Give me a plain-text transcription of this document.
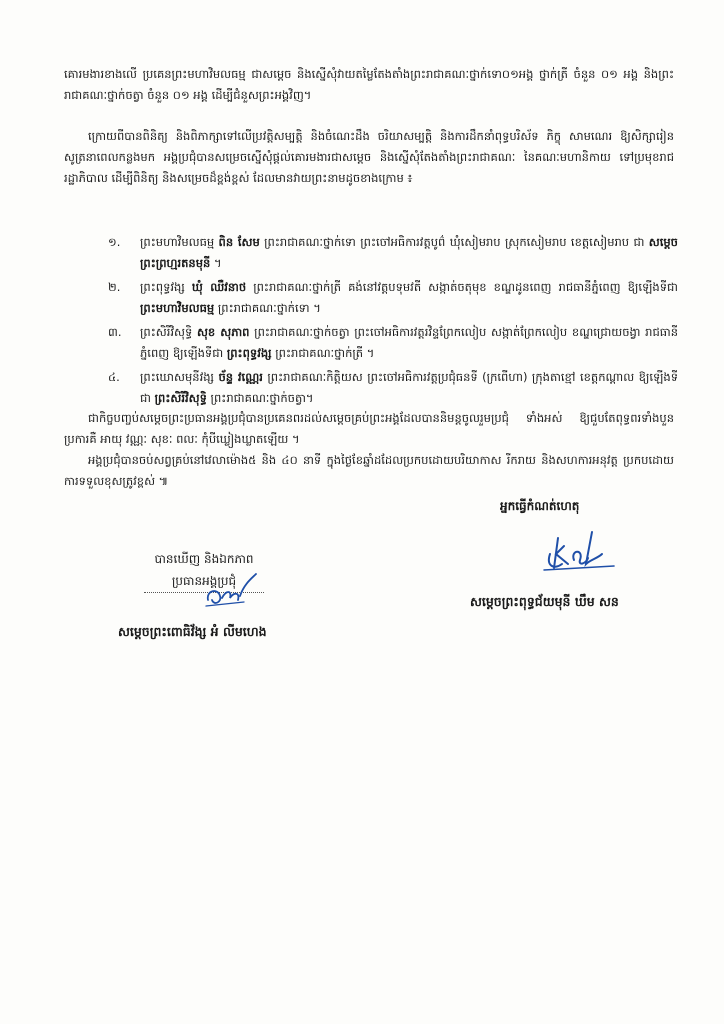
គោរមងារខាងលើ ប្រគេនព្រះមហាវិមលធម្ម ជាសម្តេច និងស្នើសុំវាយតម្លៃតែងតាំងព្រះរាជាគណៈថ្នាក់ទោ០១អង្គ ថ្នាក់ត្រី ចំនួន ០១ អង្គ និងព្រះរាជាគណៈថ្នាក់ចត្វា ចំនួន ០១ អង្គ ដើម្បីជំនួសព្រះអង្គវិញ។
ក្រោយពីបានពិនិត្យ និងពិភាក្សាទៅលើប្រវត្តិសម្បត្តិ និងចំណេះដឹង ចរិយាសម្បត្តិ និងការដឹកនាំពុទ្ធបរិស័ទ ភិក្ខុ សាមណេរ ឱ្យសិក្សារៀនសូត្រនាពេលកន្លងមក អង្គប្រជុំបានសម្រេចស្នើសុំផ្តល់គោរមងារជាសម្តេច និងស្នើសុំតែងតាំងព្រះរាជាគណៈ នៃគណៈមហានិកាយ ទៅប្រមុខរាជរដ្ឋាភិបាល ដើម្បីពិនិត្យ និងសម្រេចដ៏ខ្ពង់ខ្ពស់ ដែលមានវាយព្រះនាមដូចខាងក្រោម ៖
១.	ព្រះមហាវិមលធម្ម ពិន សែម ព្រះរាជាគណៈថ្នាក់ទោ ព្រះចៅអធិការវត្តបូព៌ ឃុំសៀមរាប ស្រុកសៀមរាប ខេត្តសៀមរាប ជា សម្តេចព្រះព្រហ្មរតនមុនី ។
២.	ព្រះពុទ្ធវង្ស ឃុំ ឈឺវនាថ ព្រះរាជាគណៈថ្នាក់ត្រី គង់នៅវត្តបទុមវតី សង្កាត់ចតុមុខ ខណ្ឌដូនពេញ រាជធានីភ្នំពេញ ឱ្យឡើងទីជា ព្រះមហាវិមលធម្ម ព្រះរាជាគណៈថ្នាក់ទោ ។
៣.	ព្រះសិរីវិសុទ្ធិ សុខ សុភាព ព្រះរាជាគណៈថ្នាក់ចត្វា ព្រះចៅអធិការវត្តរវិន្ទព្រែកលៀប សង្កាត់ព្រែកលៀប ខណ្ឌជ្រោយចង្វា រាជធានីភ្នំពេញ ឱ្យឡើងទីជា ព្រះពុទ្ធវង្ស ព្រះរាជាគណៈថ្នាក់ត្រី ។
៤.	ព្រះឃោសមុនីវង្ស ច័ន្ទ វណ្ណេរ ព្រះរាជាគណៈកិត្តិយស ព្រះចៅអធិការវត្តប្រជុំធនទី (ក្រពើហា) ក្រុងតាខ្មៅ ខេត្តកណ្តាល ឱ្យឡើងទីជា ព្រះសិរីវិសុទ្ធិ ព្រះរាជាគណៈថ្នាក់ចត្វា។
ជាកិច្ចបញ្ចប់សម្តេចព្រះប្រធានអង្គប្រជុំបានប្រគេនពរដល់សម្តេចគ្រប់ព្រះអង្គដែលបាននិមន្តចូលរួមប្រជុំ ទាំងអស់ ឱ្យជួបតែពុទ្ធពរទាំងបួនប្រការគឺ អាយុ វណ្ណៈ សុខៈ ពលៈ កុំបីឃ្លៀងឃ្លាតឡើយ ។
អង្គប្រជុំបានចប់សព្វគ្រប់នៅវេលាម៉ោង៥ និង ៤០ នាទី ក្នុងថ្ងៃខែឆ្នាំដដែលប្រកបដោយបរិយាកាស រីករាយ និងសហការអនុវត្ត ប្រកបដោយការទទួលខុសត្រូវខ្ពស់ ៕
អ្នកធ្វើកំណត់ហេតុ
បានឃើញ និងឯកភាព
ប្រធានអង្គប្រជុំ
សម្តេចព្រះពុទ្ធជ័យមុនី ឃឹម សន
សម្តេចព្រះពោធិវ័ង្ស អំ លីមហេង
